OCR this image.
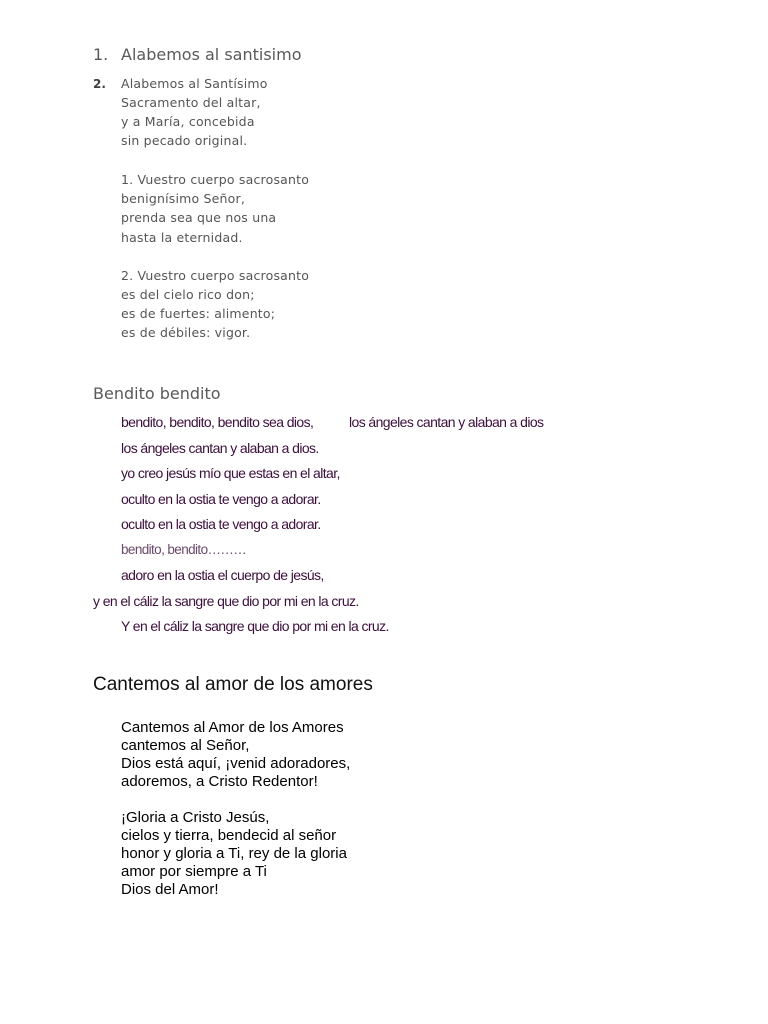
1. Alabemos al santisimo
2. Alabemos al Santísimo
Sacramento del altar,
y a María, concebida
sin pecado original.
1. Vuestro cuerpo sacrosanto
benignísimo Señor,
prenda sea que nos una
hasta la eternidad.
2. Vuestro cuerpo sacrosanto
es del cielo rico don;
es de fuertes: alimento;
es de débiles: vigor.
Bendito bendito
bendito, bendito, bendito sea dios,	los ángeles cantan y alaban a dios
los ángeles cantan y alaban a dios.
yo creo jesús mío que estas en el altar,
oculto en la ostia te vengo a adorar.
oculto en la ostia te vengo a adorar.
bendito, bendito………
adoro en la ostia el cuerpo de jesús,
y en el cáliz la sangre que dio por mi en la cruz.
Y en el cáliz la sangre que dio por mi en la cruz.
Cantemos al amor de los amores
Cantemos al Amor de los Amores
cantemos al Señor,
Dios está aquí, ¡venid adoradores,
adoremos, a Cristo Redentor!
¡Gloria a Cristo Jesús,
cielos y tierra, bendecid al señor
honor y gloria a Ti, rey de la gloria
amor por siempre a Ti
Dios del Amor!
